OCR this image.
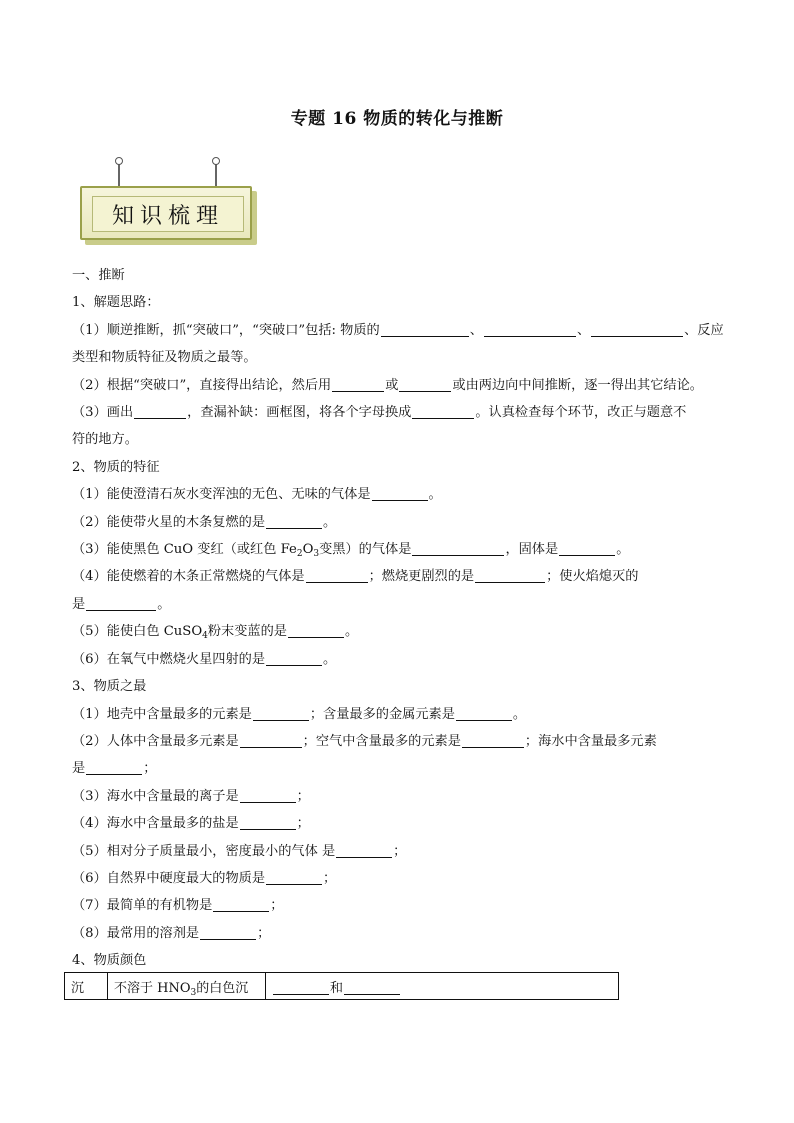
专题 16 物质的转化与推断
知识梳理
一、推断
1、解题思路：
（1）顺逆推断，抓“突破口”，“突破口”包括: 物质的	、	、	、反应
类型和物质特征及物质之最等。
（2）根据“突破口”，直接得出结论，然后用	或	或由两边向中间推断，逐一得出其它结论。
（3）画出	，查漏补缺：画框图，将各个字母换成	。认真检查每个环节，改正与题意不
符的地方。
2、物质的特征
（1）能使澄清石灰水变浑浊的无色、无味的气体是	。
（2）能使带火星的木条复燃的是	。
（3）能使黑色 CuO 变红（或红色 $Fe_2O_3$变黑）的气体是	，固体是	。
（4）能使燃着的木条正常燃烧的气体是	；燃烧更剧烈的是	；使火焰熄灭的
是	。
（5）能使白色 CuSO$_4$粉末变蓝的是	。
（6）在氧气中燃烧火星四射的是	。
3、物质之最
（1）地壳中含量最多的元素是	；含量最多的金属元素是	。
（2）人体中含量最多元素是	；空气中含量最多的元素是	；海水中含量最多元素
是	；
（3）海水中含量最的离子是	；
（4）海水中含量最多的盐是	；
（5）相对分子质量最小，密度最小的气体 是	；
（6）自然界中硬度最大的物质是	；
（7）最简单的有机物是	；
（8）最常用的溶剂是	；
4、物质颜色
沉	不溶于 $HNO_3$的白色沉	和
